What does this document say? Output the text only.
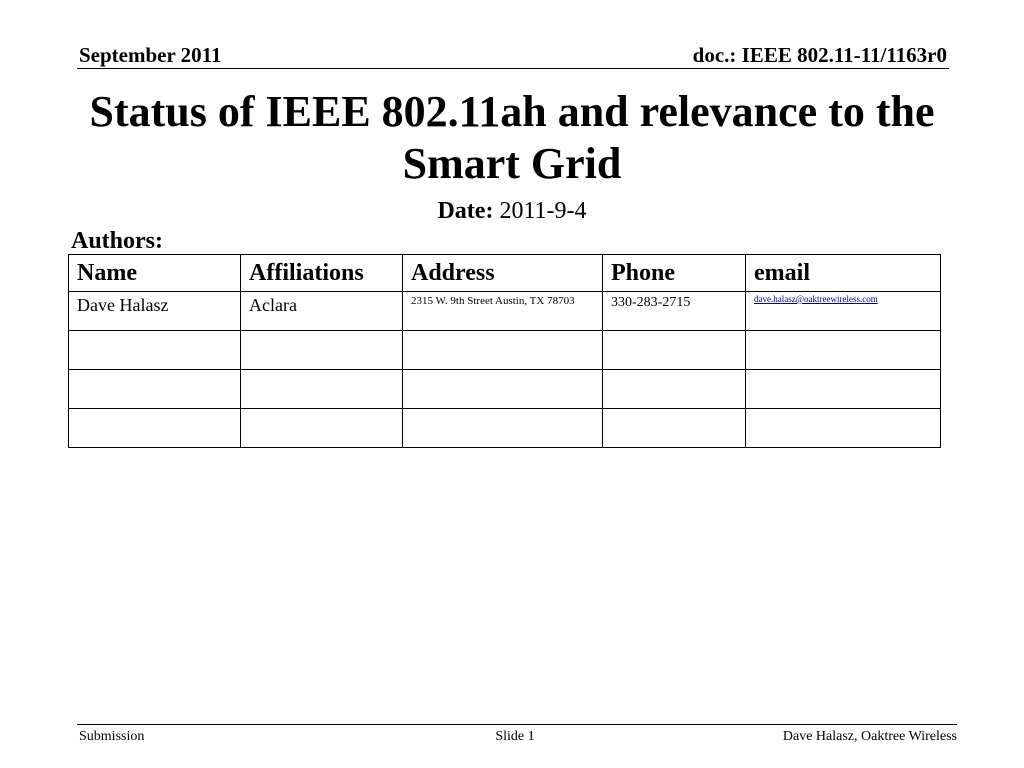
September 2011	doc.: IEEE 802.11-11/1163r0
Status of IEEE 802.11ah and relevance to the Smart Grid
Date: 2011-9-4
Authors:
Name	Affiliations	Address	Phone	email
Dave Halasz	Aclara	2315 W. 9th Street Austin, TX 78703	330-283-2715	dave.halasz@oaktreewireless.com

Submission	Slide 1	Dave Halasz, Oaktree Wireless
